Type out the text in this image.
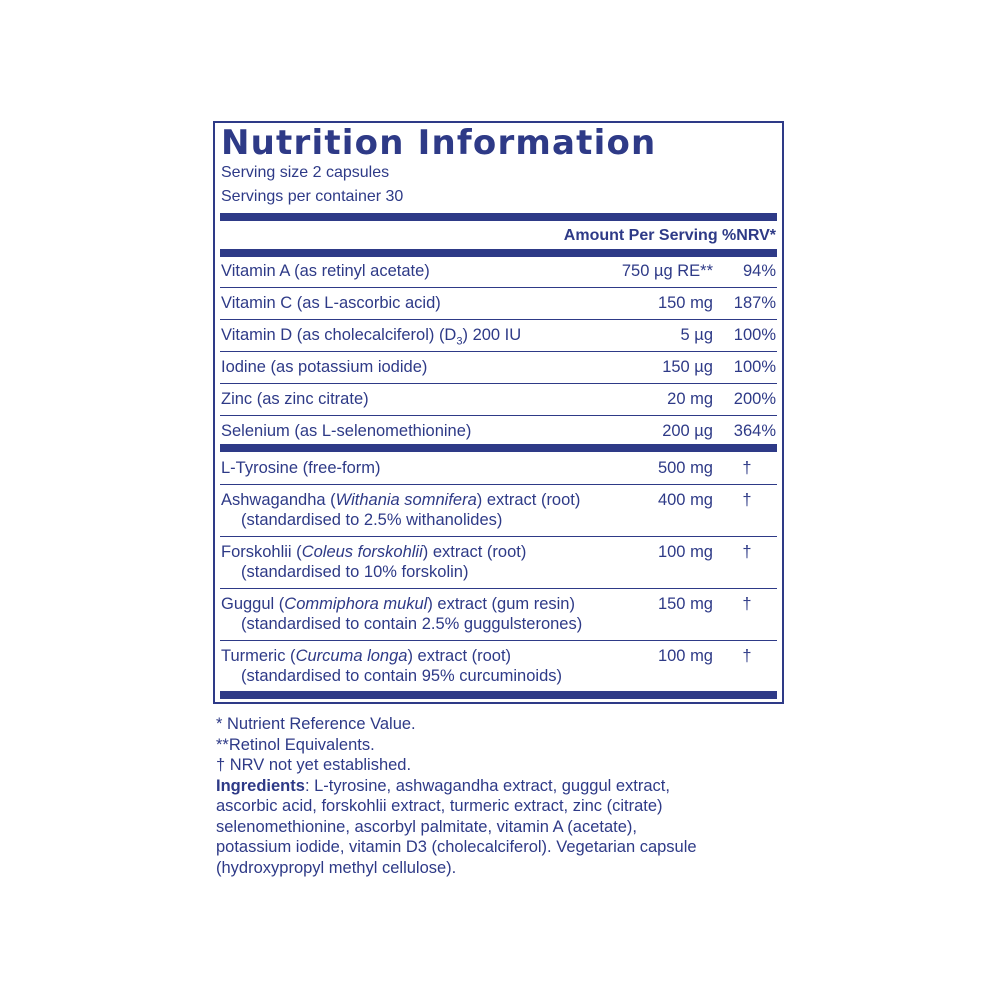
Nutrition Information
Serving size 2 capsules
Servings per container 30
Amount Per Serving %NRV*
Vitamin A (as retinyl acetate)	750 µg RE**	94%
Vitamin C (as L-ascorbic acid)	150 mg	187%
Vitamin D (as cholecalciferol) $(D_3)$ 200 IU	5 µg	100%
Iodine (as potassium iodide)	150 µg	100%
Zinc (as zinc citrate)	20 mg	200%
Selenium (as L-selenomethionine)	200 µg	364%
L-Tyrosine (free-form)	500 mg	†
Ashwagandha (Withania somnifera) extract (root)
(standardised to 2.5% withanolides)
400 mg	†
Forskohlii (Coleus forskohlii) extract (root)
(standardised to 10% forskolin)
100 mg	†
Guggul (Commiphora mukul) extract (gum resin)
(standardised to contain 2.5% guggulsterones)
150 mg	†
Turmeric (Curcuma longa) extract (root)
(standardised to contain 95% curcuminoids)
100 mg	†
* Nutrient Reference Value.
**Retinol Equivalents.
† NRV not yet established.
Ingredients: L-tyrosine, ashwagandha extract, guggul extract,
ascorbic acid, forskohlii extract, turmeric extract, zinc (citrate)
selenomethionine, ascorbyl palmitate, vitamin A (acetate),
potassium iodide, vitamin D3 (cholecalciferol). Vegetarian capsule
(hydroxypropyl methyl cellulose).
